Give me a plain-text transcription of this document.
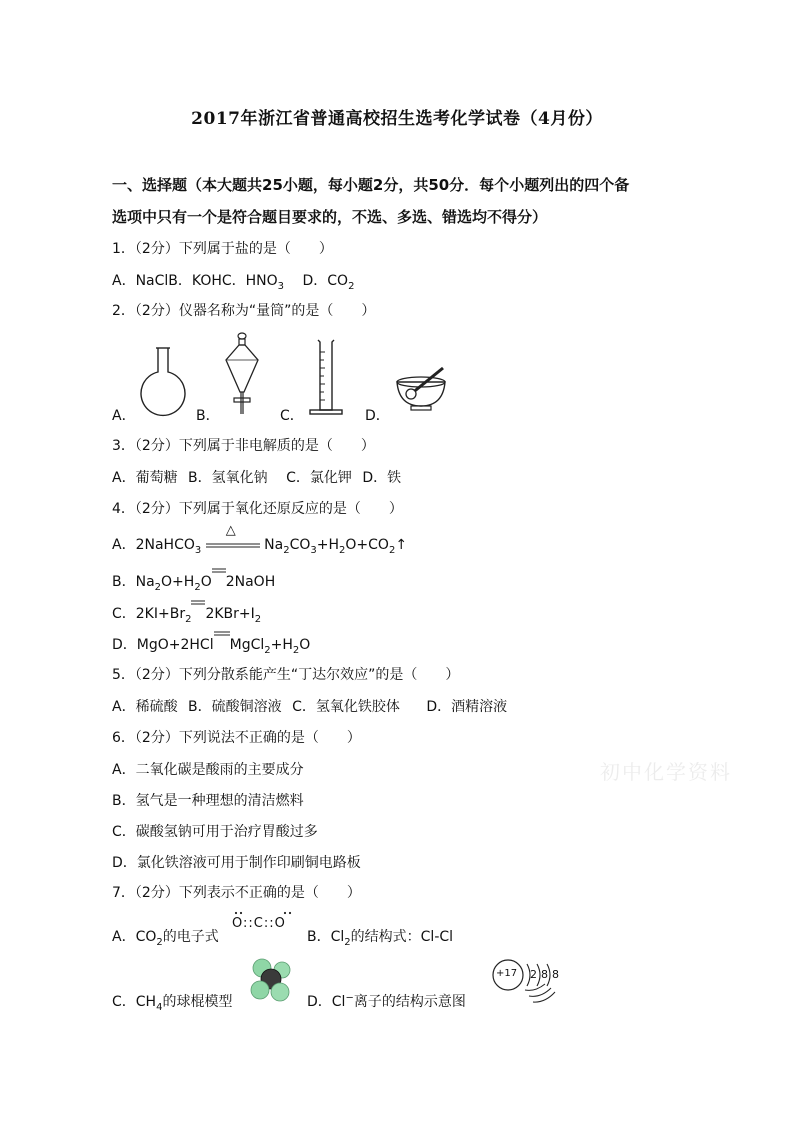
2017年浙江省普通高校招生选考化学试卷（4月份）
一、选择题（本大题共25小题，每小题2分，共50分．每个小题列出的四个备
选项中只有一个是符合题目要求的，不选、多选、错选均不得分）
1．（2分）下列属于盐的是（　　）
A．NaClB．KOHC．$HNO_3$ D．$CO_2$
2．（2分）仪器名称为“量筒”的是（　　）
A．	B．	C．	D．
3．（2分）下列属于非电解质的是（　　）
A．葡萄糖 B．氢氧化钠 C．氯化钾 D．铁
4．（2分）下列属于氧化还原反应的是（　　）
A．2NaHCO$_3$
△
$Na_2CO_3+H_2O+CO_2↑$
B．$Na_2O+H_2O$ 2NaOH
C．$2KI+Br_2$ $2KBr+I_2$
D．MgO+2HCl $MgCl_2+H_2O$
5．（2分）下列分散系能产生“丁达尔效应”的是（　　）
A．稀硫酸 B．硫酸铜溶液 C．氢氧化铁胶体 D．酒精溶液
6．（2分）下列说法不正确的是（　　）
A．二氧化碳是酸雨的主要成分
B．氢气是一种理想的清洁燃料
C．碳酸氢钠可用于治疗胃酸过多
D．氯化铁溶液可用于制作印刷铜电路板
初中化学资料
7．（2分）下列表示不正确的是（　　）
A．$CO_2$的电子式
O::C::O
B．$Cl_2$的结构式：Cl-Cl
C．$CH_4$的球棍模型	D．Cl−离子的结构示意图
+17 2 8 8
